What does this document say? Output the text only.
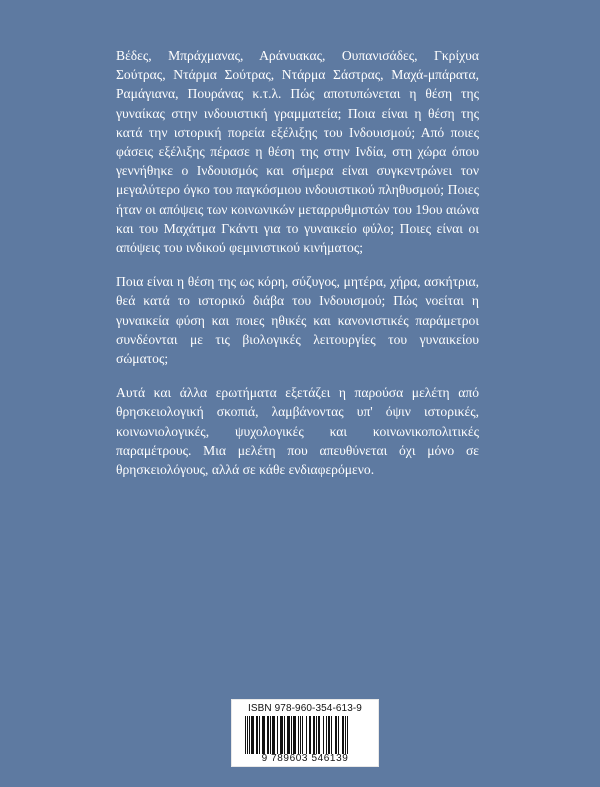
Βέδες, Μπράχμανας, Αράνυακας, Ουπανισάδες, Γκρίχυα Σούτρας, Ντάρμα Σούτρας, Ντάρμα Σάστρας, Μαχά-μπάρατα, Ραμάγιανα, Πουράνας κ.τ.λ. Πώς αποτυπώνεται η θέση της γυναίκας στην ινδουιστική γραμματεία; Ποια είναι η θέση της κατά την ιστορική πορεία εξέλιξης του Ινδουισμού; Από ποιες φάσεις εξέλιξης πέρασε η θέση της στην Ινδία, στη χώρα όπου γεννήθηκε ο Ινδουισμός και σήμερα είναι συγκεντρώνει τον μεγαλύτερο όγκο του παγκόσμιου ινδουιστικού πληθυσμού; Ποιες ήταν οι απόψεις των κοινωνικών μεταρρυθμιστών του 19ου αιώνα και του Μαχάτμα Γκάντι για το γυναικείο φύλο; Ποιες είναι οι απόψεις του ινδικού φεμινιστικού κινήματος;

Ποια είναι η θέση της ως κόρη, σύζυγος, μητέρα, χήρα, ασκήτρια, θεά κατά το ιστορικό διάβα του Ινδουισμού; Πώς νοείται η γυναικεία φύση και ποιες ηθικές και κανονιστικές παράμετροι συνδέονται με τις βιολογικές λειτουργίες του γυναικείου σώματος;

Αυτά και άλλα ερωτήματα εξετάζει η παρούσα μελέτη από θρησκειολογική σκοπιά, λαμβάνοντας υπ' όψιν ιστορικές, κοινωνιολογικές, ψυχολογικές και κοινωνικοπολιτικές παραμέτρους. Μια μελέτη που απευθύνεται όχι μόνο σε θρησκειολόγους, αλλά σε κάθε ενδιαφερόμενο.

ISBN 978-960-354-613-9
9 789603 546139
